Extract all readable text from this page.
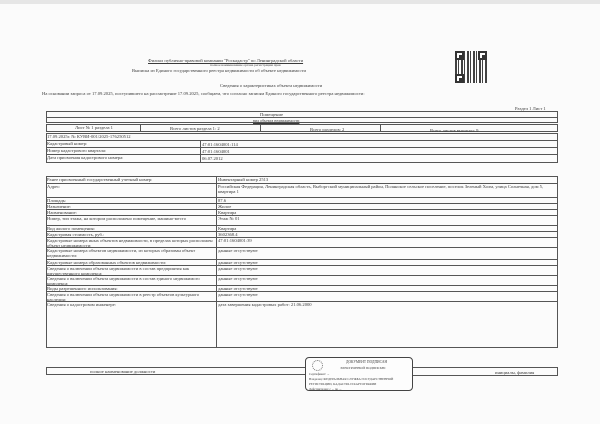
Филиал публично-правовой компании "Роскадастр" по Ленинградской области
полное наименование органа регистрации прав
Выписка из Единого государственного реестра недвижимости об объекте недвижимости
Сведения о характеристиках объекта недвижимости
На основании запроса от 17.09.2025, поступившего на рассмотрение 17.09.2025, сообщаем, что согласно записям Единого государственного реестра недвижимости:
Раздел 1 Лист 1
Помещение
вид объекта недвижимости
Лист № 1 раздела 1	Всего листов раздела 1: 2	Всего разделов: 2	Всего листов выписки: 9
17.09.2025г. № КУВИ-001/2025-176250512
Кадастровый номер:	47:01:1604001:114
Номер кадастрового квартала:	47:01:1604001
Дата присвоения кадастрового номера:	06.07.2012
Ранее присвоенный государственный учетный номер:	Инвентарный номер 2513
Адрес:	Российская Федерация, Ленинградская область, Выборгский муниципальный район, Полянское сельское поселение, поселок Зеленый Холм, улица Солнечная, дом 5, квартира 1
Площадь:	87.6
Назначение:	Жилое
Наименование:	Квартира
Номер, тип этажа, на котором расположено помещение, машино-место	Этаж № 01
Вид жилого помещения:	Квартира
Кадастровая стоимость, руб.:	3602368.4
Кадастровые номера иных объектов недвижимости, в пределах которых расположен объект недвижимости:
47:01:1604001:39
Кадастровые номера объектов недвижимости, из которых образован объект недвижимости:
данные отсутствуют
Кадастровые номера образованных объектов недвижимости:	данные отсутствуют
Сведения о включении объекта недвижимости в состав предприятия как имущественного комплекса:
данные отсутствуют
Сведения о включении объекта недвижимости в состав единого недвижимого комплекса:
данные отсутствуют
Виды разрешенного использования:	данные отсутствуют
Сведения о включении объекта недвижимости в реестр объектов культурного наследия:
данные отсутствуют
Сведения о кадастровом инженере:	дата завершения кадастровых работ: 21.06.2000
полное наименование должности	инициалы, фамилия
ДОКУМЕНТ ПОДПИСАН
ЭЛЕКТРОННОЙ ПОДПИСЬЮ
Сертификат: ...
Владелец: ФЕДЕРАЛЬНАЯ СЛУЖБА ГОСУДАРСТВЕННОЙ
РЕГИСТРАЦИИ, КАДАСТРА И КАРТОГРАФИИ
Действителен: с ... по ...
